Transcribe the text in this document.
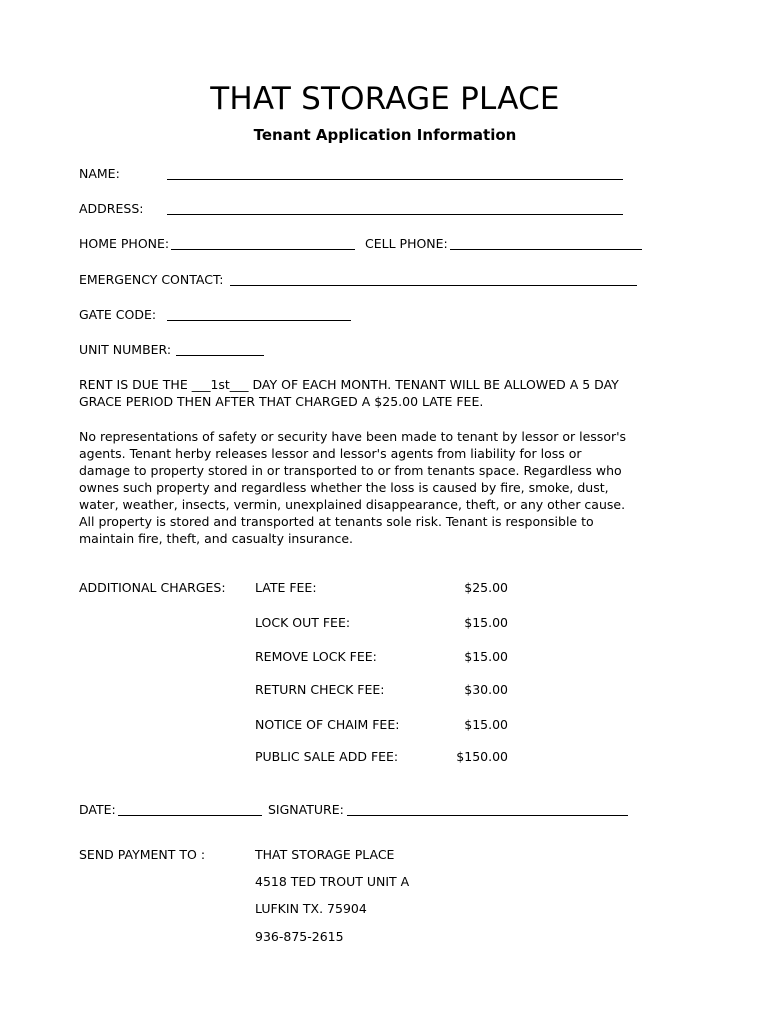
THAT STORAGE PLACE
Tenant Application Information
NAME:
ADDRESS:
HOME PHONE:	CELL PHONE:
EMERGENCY CONTACT:
GATE CODE:
UNIT NUMBER:
RENT IS DUE THE ___1st___ DAY OF EACH MONTH. TENANT WILL BE ALLOWED A 5 DAY
GRACE PERIOD THEN AFTER THAT CHARGED A $25.00 LATE FEE.
No representations of safety or security have been made to tenant by lessor or lessor's
agents. Tenant herby releases lessor and lessor's agents from liability for loss or
damage to property stored in or transported to or from tenants space. Regardless who
ownes such property and regardless whether the loss is caused by fire, smoke, dust,
water, weather, insects, vermin, unexplained disappearance, theft, or any other cause.
All property is stored and transported at tenants sole risk. Tenant is responsible to
maintain fire, theft, and casualty insurance.
ADDITIONAL CHARGES: LATE FEE:	$25.00
LOCK OUT FEE:	$15.00
REMOVE LOCK FEE:	$15.00
RETURN CHECK FEE:	$30.00
NOTICE OF CHAIM FEE:	$15.00
PUBLIC SALE ADD FEE:	$150.00
DATE:	SIGNATURE:
SEND PAYMENT TO :	THAT STORAGE PLACE
4518 TED TROUT UNIT A
LUFKIN TX. 75904
936-875-2615
